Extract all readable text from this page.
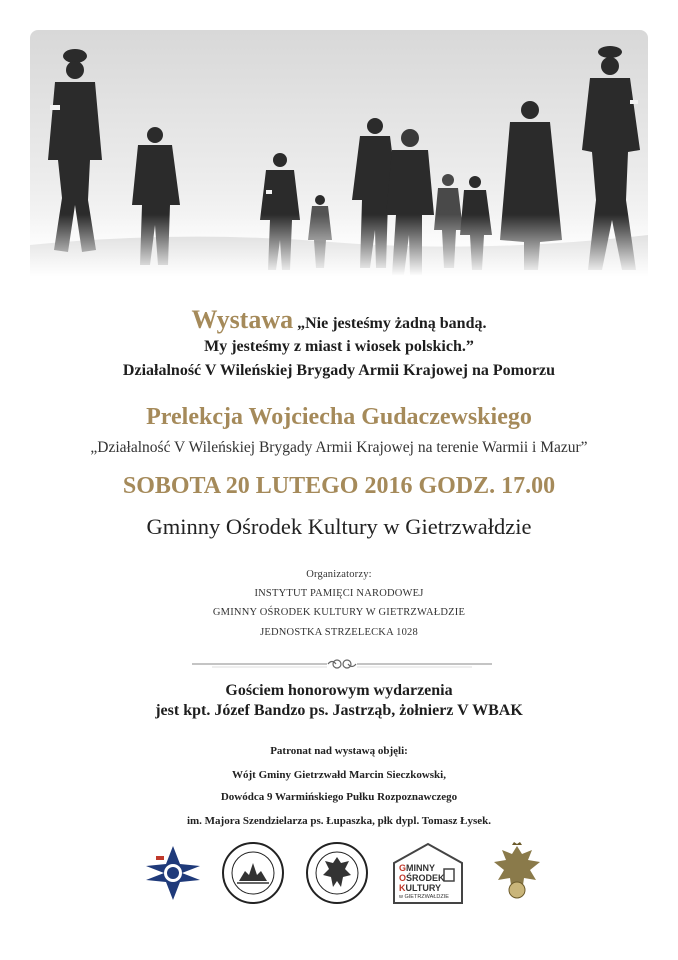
Wystawa „Nie jesteśmy żadną bandą.
My jesteśmy z miast i wiosek polskich.”
Działalność V Wileńskiej Brygady Armii Krajowej na Pomorzu
Prelekcja Wojciecha Gudaczewskiego
„Działalność V Wileńskiej Brygady Armii Krajowej na terenie Warmii i Mazur”
SOBOTA 20 LUTEGO 2016 GODZ. 17.00
Gminny Ośrodek Kultury w Gietrzwałdzie
Organizatorzy:
INSTYTUT PAMIĘCI NARODOWEJ
GMINNY OŚRODEK KULTURY W GIETRZWAŁDZIE
JEDNOSTKA STRZELECKA 1028
Gościem honorowym wydarzenia
jest kpt. Józef Bandzo ps. Jastrząb, żołnierz V WBAK
Patronat nad wystawą objęli:
Wójt Gminy Gietrzwałd Marcin Sieczkowski,
Dowódca 9 Warmińskiego Pułku Rozpoznawczego
im. Majora Szendzielarza ps. Łupaszka, płk dypl. Tomasz Łysek.
GMINNY
OŚRODEK
KULTURY
w GIETRZWAŁDZIE
